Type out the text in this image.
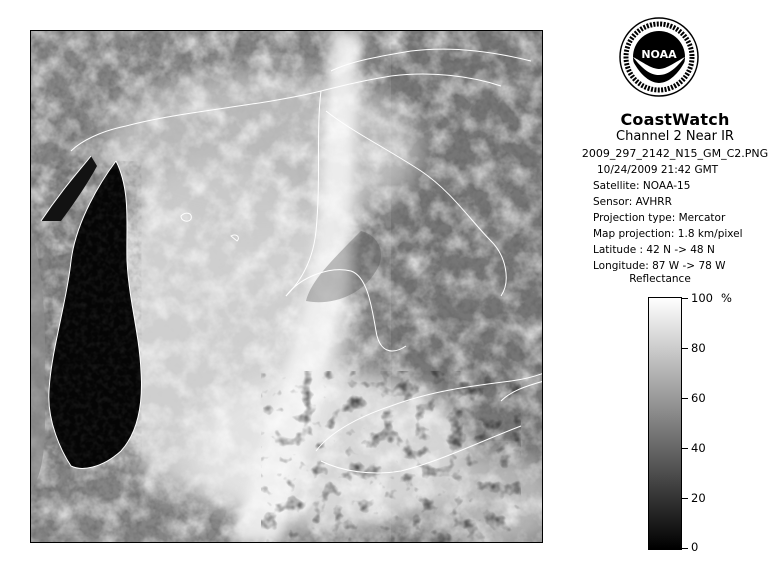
NOAA
CoastWatch
Channel 2 Near IR
2009_297_2142_N15_GM_C2.PNG
10/24/2009 21:42 GMT
Satellite: NOAA-15
Sensor: AVHRR
Projection type: Mercator
Map projection: 1.8 km/pixel
Latitude : 42 N -> 48 N
Longitude: 87 W -> 78 W
Reflectance
%
100
80
60
40
20
0
